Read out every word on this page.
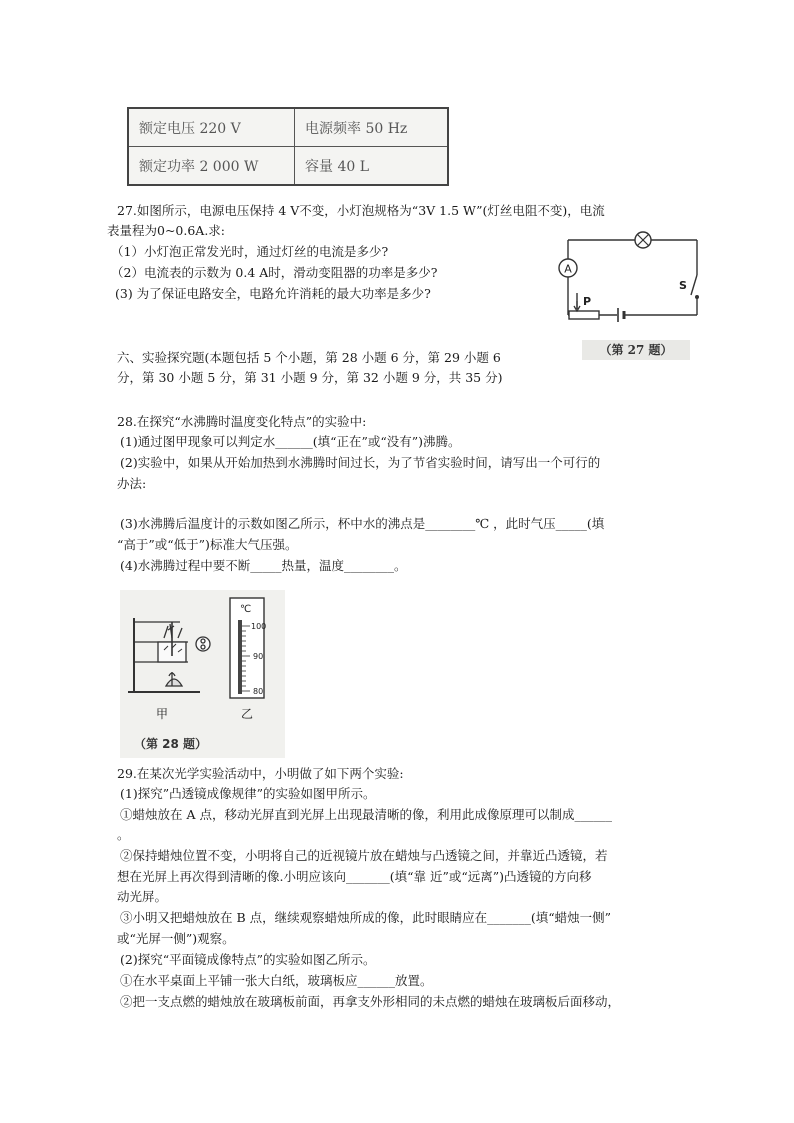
额定电压 220 V	电源频率 50 Hz
额定功率 2 000 W	容量 40 L
27.如图所示，电源电压保持 4 V不变，小灯泡规格为“3V 1.5 W”(灯丝电阻不变)，电流
表量程为0~0.6A.求:
（1）小灯泡正常发光时，通过灯丝的电流是多少?
（2）电流表的示数为 0.4 A时，滑动变阻器的功率是多少?
(3) 为了保证电路安全，电路允许消耗的最大功率是多少?
A
S
P
（第 27 题）
六、实验探究题(本题包括 5 个小题，第 28 小题 6 分，第 29 小题 6
分，第 30 小题 5 分，第 31 小题 9 分，第 32 小题 9 分，共 35 分)
28.在探究“水沸腾时温度变化特点”的实验中:
(1)通过图甲现象可以判定水______(填“正在”或“没有”)沸腾。
(2)实验中，如果从开始加热到水沸腾时间过长，为了节省实验时间，请写出一个可行的
办法:
(3)水沸腾后温度计的示数如图乙所示，杯中水的沸点是________℃ ，此时气压_____(填
“高于”或“低于”)标准大气压强。
(4)水沸腾过程中要不断_____热量，温度________。
甲
℃
100
90
80
乙
（第 28 题）
29.在某次光学实验活动中，小明做了如下两个实验:
(1)探究”凸透镜成像规律”的实验如图甲所示。
①蜡烛放在 A 点，移动光屏直到光屏上出现最清晰的像，利用此成像原理可以制成______
。
②保持蜡烛位置不变，小明将自己的近视镜片放在蜡烛与凸透镜之间，并靠近凸透镜，若
想在光屏上再次得到清晰的像.小明应该向_______(填“靠 近”或“远离”)凸透镜的方向移
动光屏。
③小明又把蜡烛放在 B 点，继续观察蜡烛所成的像，此时眼睛应在_______(填“蜡烛一侧”
或“光屏一侧”)观察。
(2)探究“平面镜成像特点”的实验如图乙所示。
①在水平桌面上平铺一张大白纸，玻璃板应______放置。
②把一支点燃的蜡烛放在玻璃板前面，再拿支外形相同的未点燃的蜡烛在玻璃板后面移动，
